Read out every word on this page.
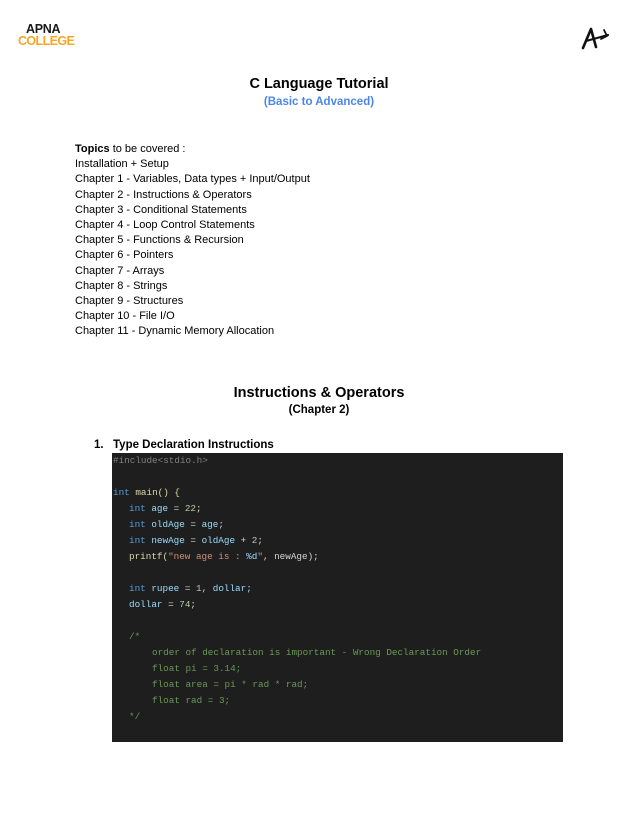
APNA
COLLEGE
C Language Tutorial
(Basic to Advanced)
Topics to be covered :
Installation + Setup
Chapter 1 - Variables, Data types + Input/Output
Chapter 2 - Instructions & Operators
Chapter 3 - Conditional Statements
Chapter 4 - Loop Control Statements
Chapter 5 - Functions & Recursion
Chapter 6 - Pointers
Chapter 7 - Arrays
Chapter 8 - Strings
Chapter 9 - Structures
Chapter 10 - File I/O
Chapter 11 - Dynamic Memory Allocation
Instructions & Operators
(Chapter 2)
1. Type Declaration Instructions
#include<stdio.h>
int main() {
int age = 22;
int oldAge = age;
int newAge = oldAge + 2;
printf("new age is : %d", newAge);
int rupee = 1, dollar;
dollar = 74;
/*
order of declaration is important - Wrong Declaration Order
float pi = 3.14;
float area = pi * rad * rad;
float rad = 3;
*/
